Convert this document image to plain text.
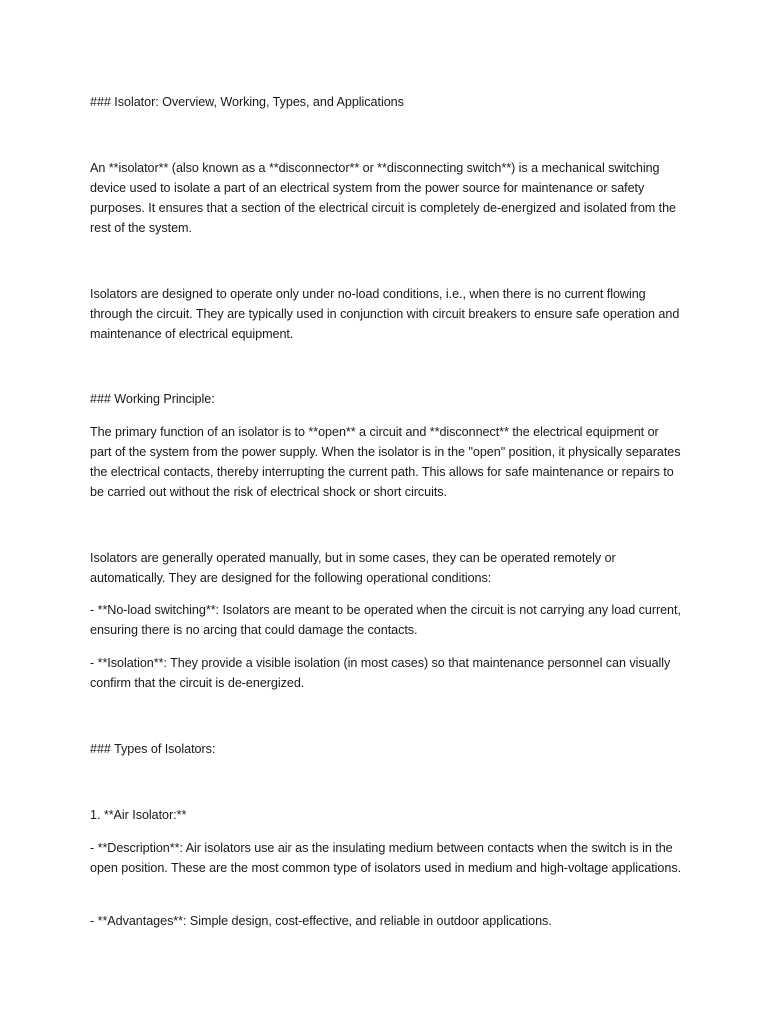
### Isolator: Overview, Working, Types, and Applications

An **isolator** (also known as a **disconnector** or **disconnecting switch**) is a mechanical switching device used to isolate a part of an electrical system from the power source for maintenance or safety purposes. It ensures that a section of the electrical circuit is completely de-energized and isolated from the rest of the system.

Isolators are designed to operate only under no-load conditions, i.e., when there is no current flowing through the circuit. They are typically used in conjunction with circuit breakers to ensure safe operation and maintenance of electrical equipment.

### Working Principle:

The primary function of an isolator is to **open** a circuit and **disconnect** the electrical equipment or part of the system from the power supply. When the isolator is in the "open" position, it physically separates the electrical contacts, thereby interrupting the current path. This allows for safe maintenance or repairs to be carried out without the risk of electrical shock or short circuits.

Isolators are generally operated manually, but in some cases, they can be operated remotely or automatically. They are designed for the following operational conditions:

- **No-load switching**: Isolators are meant to be operated when the circuit is not carrying any load current, ensuring there is no arcing that could damage the contacts.

- **Isolation**: They provide a visible isolation (in most cases) so that maintenance personnel can visually confirm that the circuit is de-energized.

### Types of Isolators:

1. **Air Isolator:**

- **Description**: Air isolators use air as the insulating medium between contacts when the switch is in the open position. These are the most common type of isolators used in medium and high-voltage applications.

- **Advantages**: Simple design, cost-effective, and reliable in outdoor applications.
